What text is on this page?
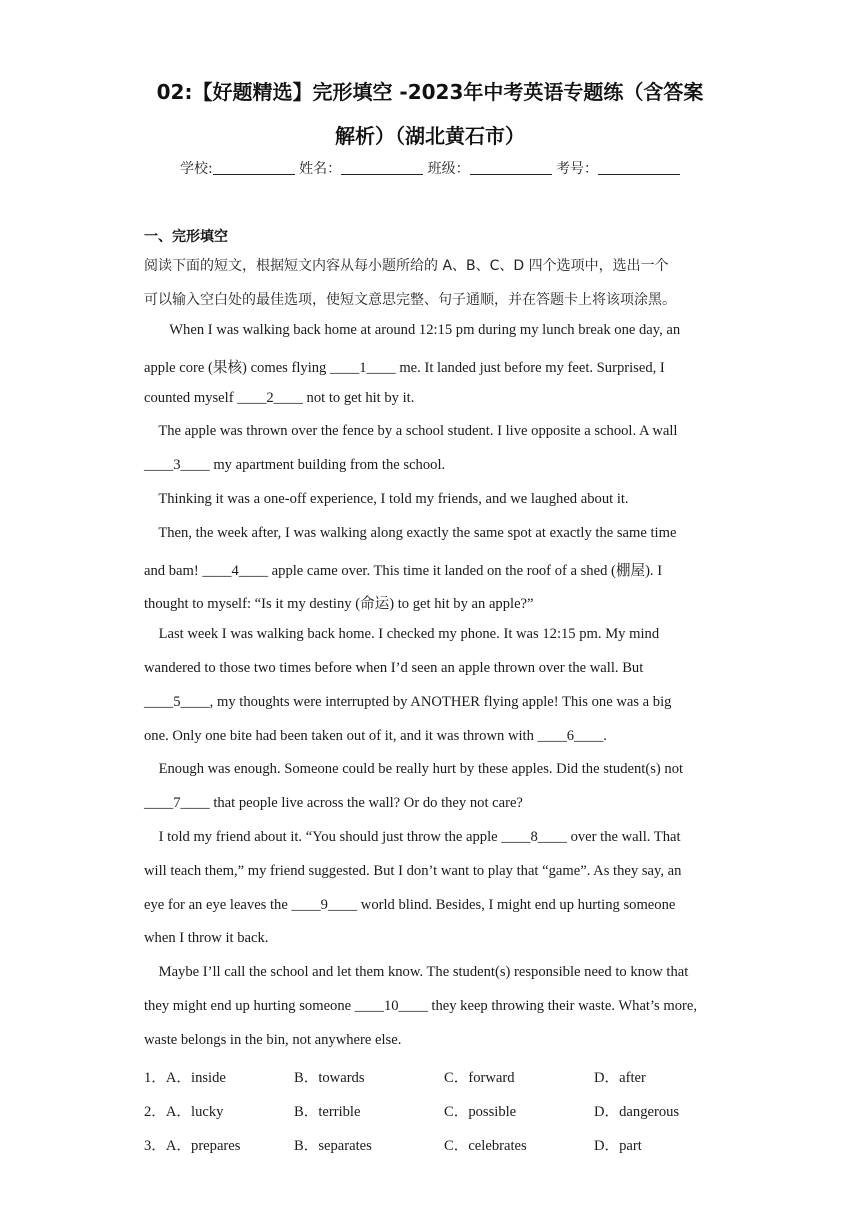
02:【好题精选】完形填空 -2023年中考英语专题练（含答案
解析）（湖北黄石市）
学校:	姓名：	班级：	考号：
一、完形填空
阅读下面的短文，根据短文内容从每小题所给的 A、B、C、D 四个选项中，选出一个
可以输入空白处的最佳选项，使短文意思完整、句子通顺，并在答题卡上将该项涂黑。
When I was walking back home at around 12:15 pm during my lunch break one day, an
apple core (果核) comes flying ____1____ me. It landed just before my feet. Surprised, I
counted myself ____2____ not to get hit by it.
The apple was thrown over the fence by a school student. I live opposite a school. A wall
____3____ my apartment building from the school.
Thinking it was a one-off experience, I told my friends, and we laughed about it.
Then, the week after, I was walking along exactly the same spot at exactly the same time
and bam! ____4____ apple came over. This time it landed on the roof of a shed (棚屋). I
thought to myself: “Is it my destiny (命运) to get hit by an apple?”
Last week I was walking back home. I checked my phone. It was 12:15 pm. My mind
wandered to those two times before when I’d seen an apple thrown over the wall. But
____5____, my thoughts were interrupted by ANOTHER flying apple! This one was a big
one. Only one bite had been taken out of it, and it was thrown with ____6____.
Enough was enough. Someone could be really hurt by these apples. Did the student(s) not
____7____ that people live across the wall? Or do they not care?
I told my friend about it. “You should just throw the apple ____8____ over the wall. That
will teach them,” my friend suggested. But I don’t want to play that “game”. As they say, an
eye for an eye leaves the ____9____ world blind. Besides, I might end up hurting someone
when I throw it back.
Maybe I’ll call the school and let them know. The student(s) responsible need to know that
they might end up hurting someone ____10____ they keep throwing their waste. What’s more,
waste belongs in the bin, not anywhere else.
1．A．inside	B．towards	C．forward	D．after
2．A．lucky	B．terrible	C．possible	D．dangerous
3．A．prepares	B．separates	C．celebrates	D．part
